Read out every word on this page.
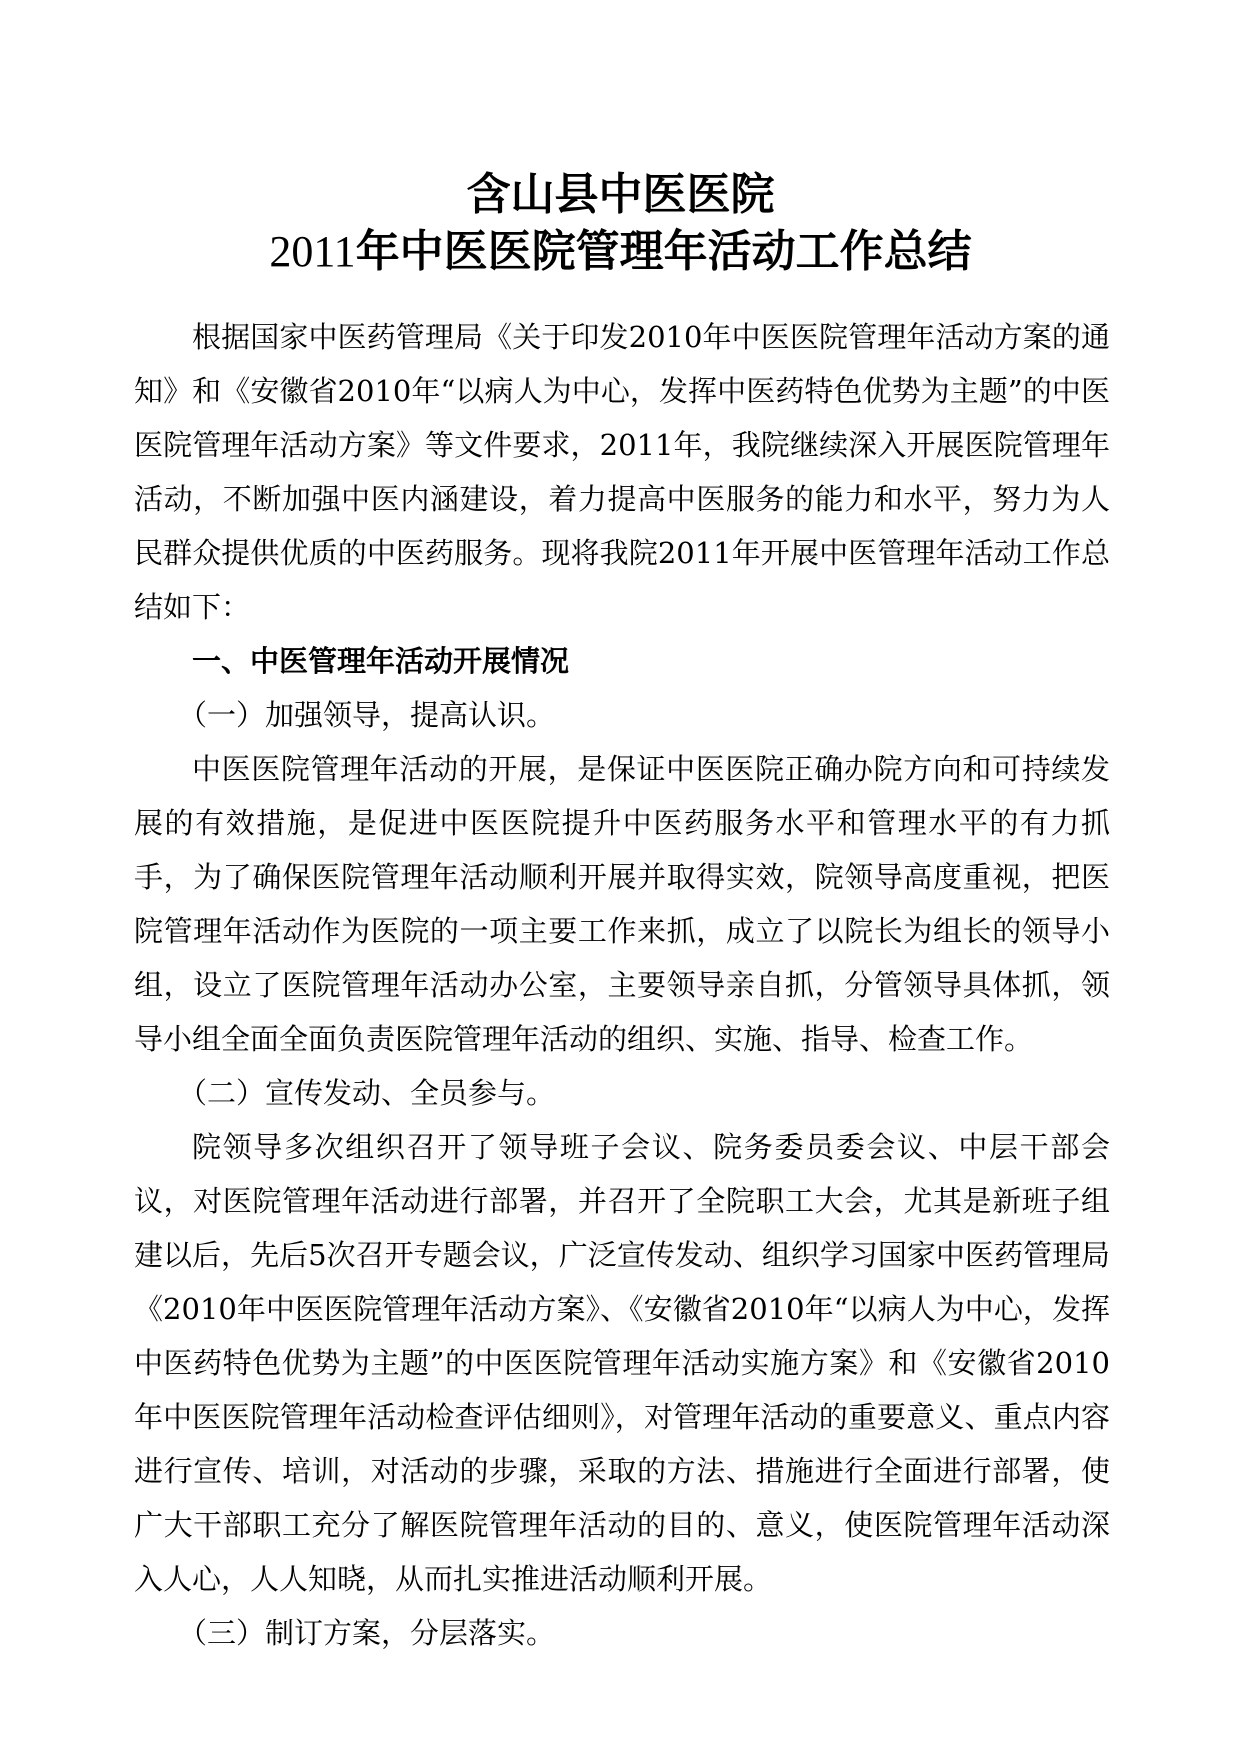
含山县中医医院
2011年中医医院管理年活动工作总结

根据国家中医药管理局《关于印发2010年中医医院管理年活动方案的通知》和《安徽省2010年“以病人为中心，发挥中医药特色优势为主题”的中医医院管理年活动方案》等文件要求，2011年，我院继续深入开展医院管理年活动，不断加强中医内涵建设，着力提高中医服务的能力和水平，努力为人民群众提供优质的中医药服务。现将我院2011年开展中医管理年活动工作总结如下：

一、中医管理年活动开展情况

（一）加强领导，提高认识。

中医医院管理年活动的开展，是保证中医医院正确办院方向和可持续发展的有效措施，是促进中医医院提升中医药服务水平和管理水平的有力抓手，为了确保医院管理年活动顺利开展并取得实效，院领导高度重视，把医院管理年活动作为医院的一项主要工作来抓，成立了以院长为组长的领导小组，设立了医院管理年活动办公室，主要领导亲自抓，分管领导具体抓，领导小组全面全面负责医院管理年活动的组织、实施、指导、检查工作。

（二）宣传发动、全员参与。

院领导多次组织召开了领导班子会议、院务委员委会议、中层干部会议，对医院管理年活动进行部署，并召开了全院职工大会，尤其是新班子组建以后，先后5次召开专题会议，广泛宣传发动、组织学习国家中医药管理局《2010年中医医院管理年活动方案》、《安徽省2010年“以病人为中心，发挥中医药特色优势为主题”的中医医院管理年活动实施方案》和《安徽省2010年中医医院管理年活动检查评估细则》，对管理年活动的重要意义、重点内容进行宣传、培训，对活动的步骤，采取的方法、措施进行全面进行部署，使广大干部职工充分了解医院管理年活动的目的、意义，使医院管理年活动深入人心，人人知晓，从而扎实推进活动顺利开展。

（三）制订方案，分层落实。
